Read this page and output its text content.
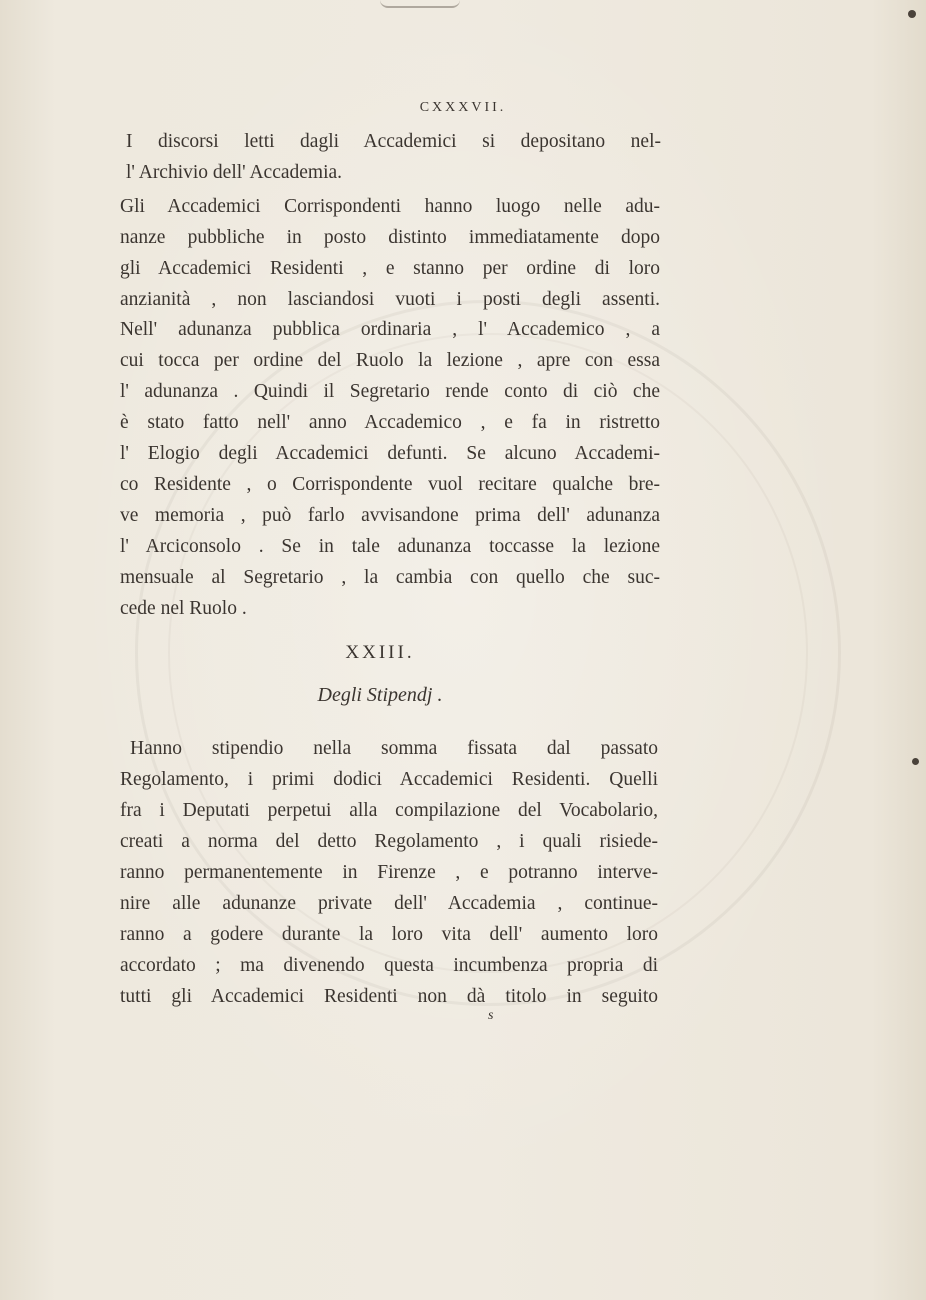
CXXXVII.
I discorsi letti dagli Accademici si depositano nel-
l' Archivio dell' Accademia.
Gli Accademici Corrispondenti hanno luogo nelle adu-
nanze pubbliche in posto distinto immediatamente dopo
gli Accademici Residenti , e stanno per ordine di loro
anzianità , non lasciandosi vuoti i posti degli assenti.
Nell' adunanza pubblica ordinaria , l' Accademico , a
cui tocca per ordine del Ruolo la lezione , apre con essa
l' adunanza . Quindi il Segretario rende conto di ciò che
è stato fatto nell' anno Accademico , e fa in ristretto
l' Elogio degli Accademici defunti. Se alcuno Accademi-
co Residente , o Corrispondente vuol recitare qualche bre-
ve memoria , può farlo avvisandone prima dell' adunanza
l' Arciconsolo . Se in tale adunanza toccasse la lezione
mensuale al Segretario , la cambia con quello che suc-
cede nel Ruolo .
XXIII.
Degli Stipendj .
Hanno stipendio nella somma fissata dal passato
Regolamento, i primi dodici Accademici Residenti. Quelli
fra i Deputati perpetui alla compilazione del Vocabolario,
creati a norma del detto Regolamento , i quali risiede-
ranno permanentemente in Firenze , e potranno interve-
nire alle adunanze private dell' Accademia , continue-
ranno a godere durante la loro vita dell' aumento loro
accordato ; ma divenendo questa incumbenza propria di
tutti gli Accademici Residenti non dà titolo in seguito
s
